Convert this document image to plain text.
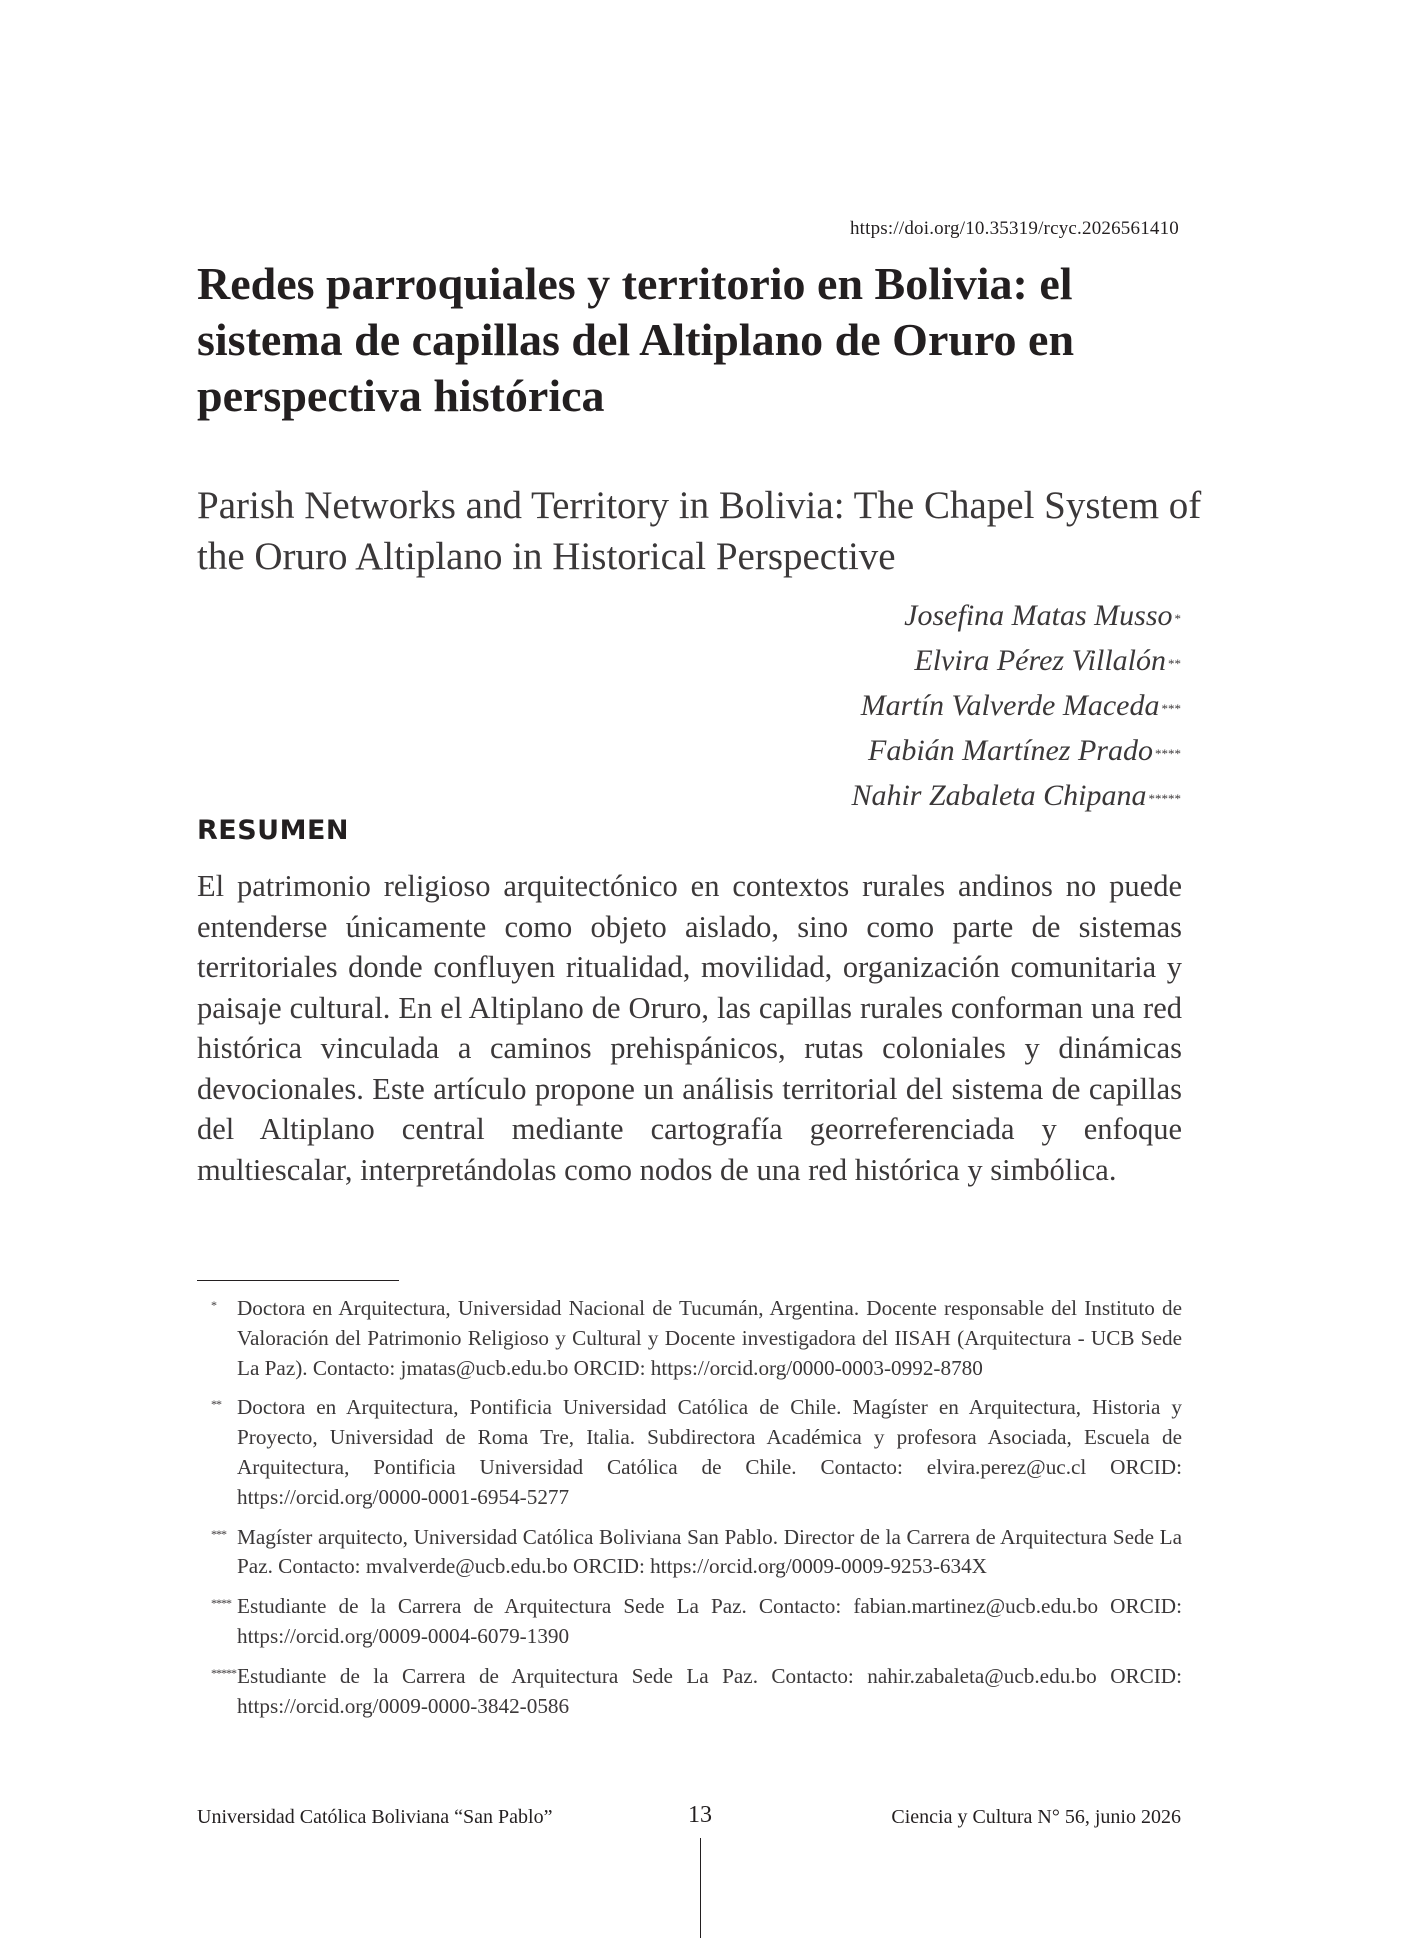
https://doi.org/10.35319/rcyc.2026561410
Redes parroquiales y territorio en Bolivia: el sistema de capillas del Altiplano de Oruro en perspectiva histórica
Parish Networks and Territory in Bolivia: The Chapel System of the Oruro Altiplano in Historical Perspective
Josefina Matas Musso *
Elvira Pérez Villalón **
Martín Valverde Maceda ***
Fabián Martínez Prado ****
Nahir Zabaleta Chipana *****
RESUMEN

El patrimonio religioso arquitectónico en contextos rurales andinos no puede entenderse únicamente como objeto aislado, sino como parte de sistemas territoriales donde confluyen ritualidad, movilidad, organización comunitaria y paisaje cultural. En el Altiplano de Oruro, las capillas rurales conforman una red histórica vinculada a caminos prehispánicos, rutas coloniales y dinámicas devocionales. Este artículo propone un análisis territorial del sistema de capillas del Altiplano central mediante cartografía georreferenciada y enfoque multiescalar, interpretándolas como nodos de una red histórica y simbólica.

* Doctora en Arquitectura, Universidad Nacional de Tucumán, Argentina. Docente responsable del Instituto de Valoración del Patrimonio Religioso y Cultural y Docente investigadora del IISAH (Arquitectura - UCB Sede La Paz). Contacto: jmatas@ucb.edu.bo ORCID: https://orcid.org/0000-0003-0992-8780
** Doctora en Arquitectura, Pontificia Universidad Católica de Chile. Magíster en Arquitectura, Historia y Proyecto, Universidad de Roma Tre, Italia. Subdirectora Académica y profesora Asociada, Escuela de Arquitectura, Pontificia Universidad Católica de Chile. Contacto: elvira.perez@uc.cl ORCID: https://orcid.org/0000-0001-6954-5277
*** Magíster arquitecto, Universidad Católica Boliviana San Pablo. Director de la Carrera de Arquitectura Sede La Paz. Contacto: mvalverde@ucb.edu.bo ORCID: https://orcid.org/0009-0009-9253-634X
**** Estudiante de la Carrera de Arquitectura Sede La Paz. Contacto: fabian.martinez@ucb.edu.bo ORCID: https://orcid.org/0009-0004-6079-1390
***** Estudiante de la Carrera de Arquitectura Sede La Paz. Contacto: nahir.zabaleta@ucb.edu.bo ORCID: https://orcid.org/0009-0000-3842-0586
Universidad Católica Boliviana “San Pablo”	13	Ciencia y Cultura N° 56, junio 2026
